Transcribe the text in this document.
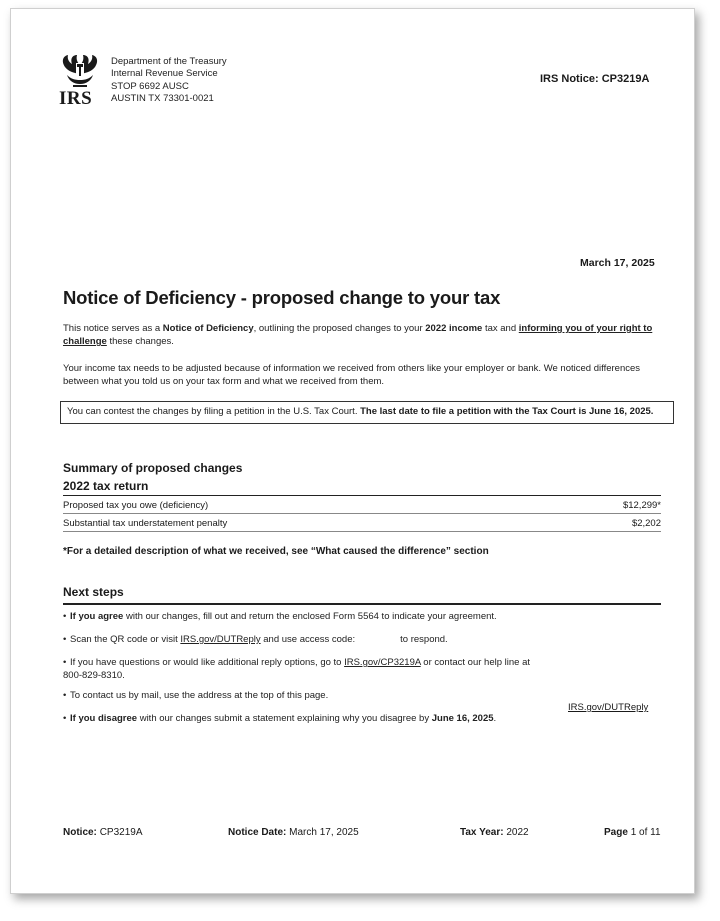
IRS
Department of the Treasury
Internal Revenue Service
STOP 6692 AUSC
AUSTIN TX 73301-0021
IRS Notice: CP3219A
March 17, 2025
Notice of Deficiency - proposed change to your tax
This notice serves as a Notice of Deficiency, outlining the proposed changes to your 2022 income tax and informing you of your right to challenge these changes.
Your income tax needs to be adjusted because of information we received from others like your employer or bank. We noticed differences between what you told us on your tax form and what we received from them.
You can contest the changes by filing a petition in the U.S. Tax Court. The last date to file a petition with the Tax Court is June 16, 2025.
Summary of proposed changes
2022 tax return
Proposed tax you owe (deficiency)	$12,299*
Substantial tax understatement penalty	$2,202
*For a detailed description of what we received, see “What caused the difference” section
Next steps
• If you agree with our changes, fill out and return the enclosed Form 5564 to indicate your agreement.
• Scan the QR code or visit IRS.gov/DUTReply and use access code:	to respond.
• If you have questions or would like additional reply options, go to IRS.gov/CP3219A or contact our help line at 800-829-8310.
• To contact us by mail, use the address at the top of this page.
• If you disagree with our changes submit a statement explaining why you disagree by June 16, 2025.
IRS.gov/DUTReply
Notice: CP3219A	Notice Date: March 17, 2025	Tax Year: 2022	Page 1 of 11
